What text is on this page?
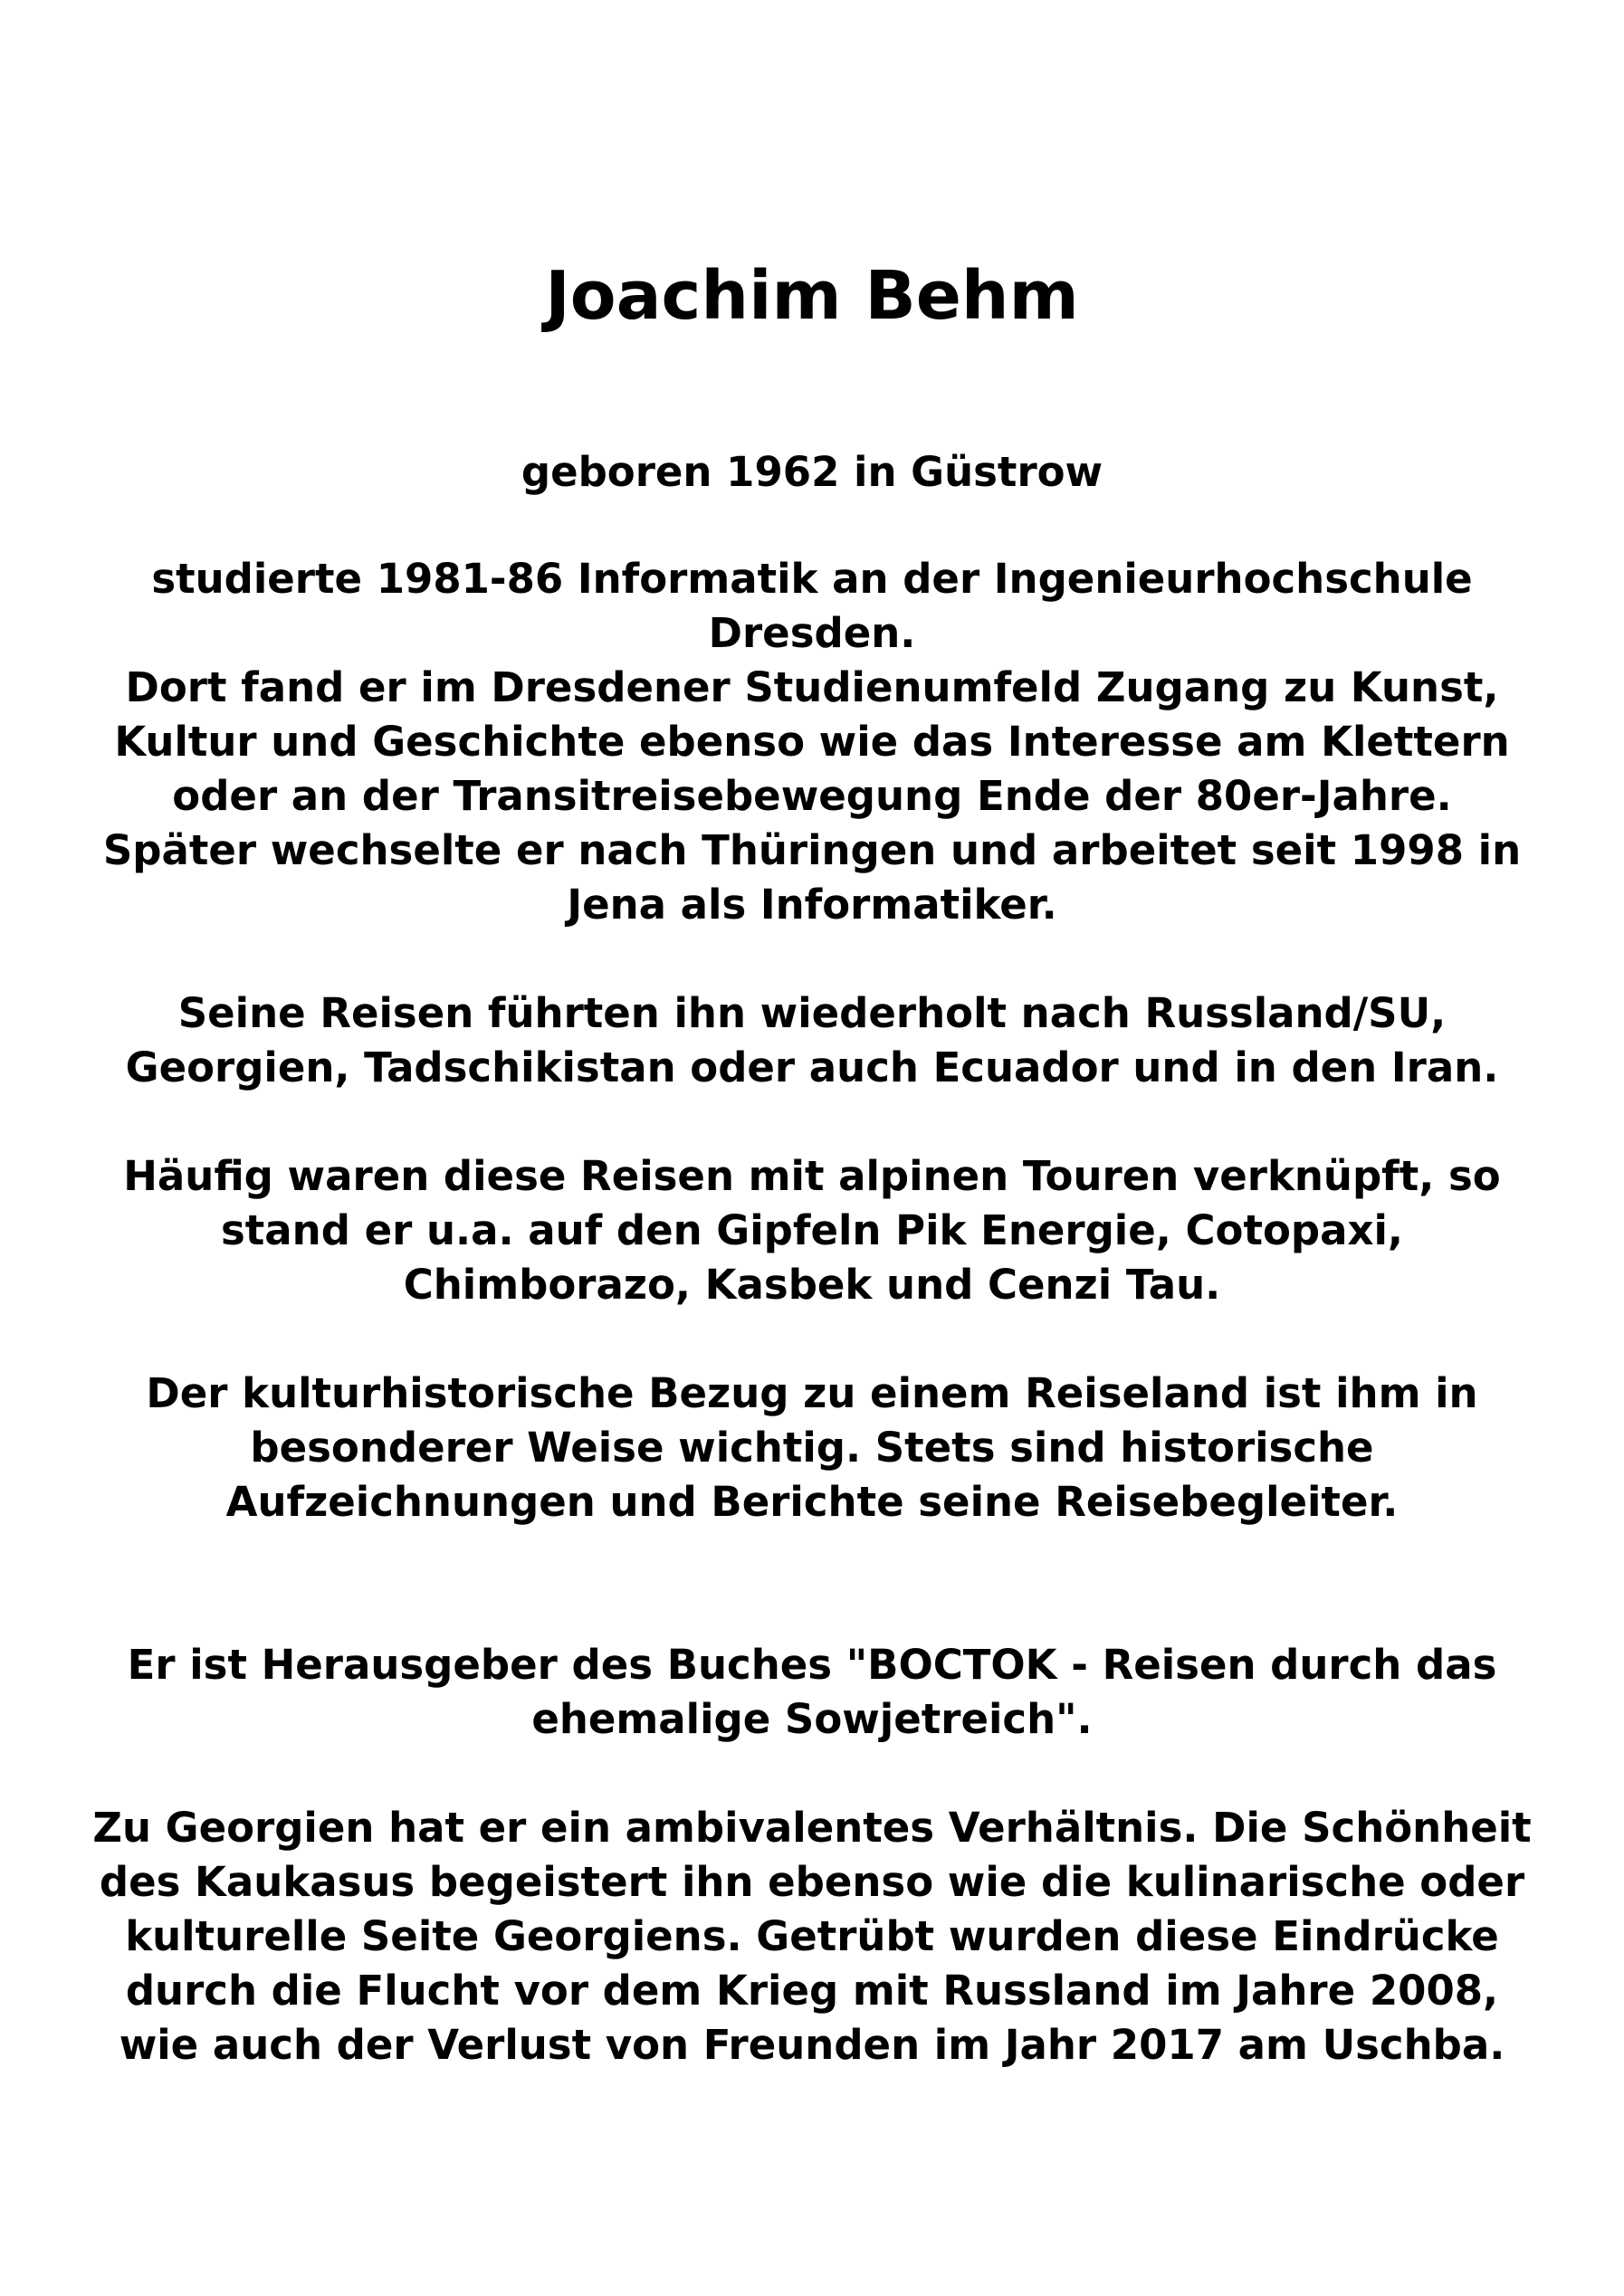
Joachim Behm

geboren 1962 in Güstrow

studierte 1981-86 Informatik an der Ingenieurhochschule
Dresden.
Dort fand er im Dresdener Studienumfeld Zugang zu Kunst,
Kultur und Geschichte ebenso wie das Interesse am Klettern
oder an der Transitreisebewegung Ende der 80er-Jahre.
Später wechselte er nach Thüringen und arbeitet seit 1998 in
Jena als Informatiker.

Seine Reisen führten ihn wiederholt nach Russland/SU,
Georgien, Tadschikistan oder auch Ecuador und in den Iran.

Häufig waren diese Reisen mit alpinen Touren verknüpft, so
stand er u.a. auf den Gipfeln Pik Energie, Cotopaxi,
Chimborazo, Kasbek und Cenzi Tau.

Der kulturhistorische Bezug zu einem Reiseland ist ihm in
besonderer Weise wichtig. Stets sind historische
Aufzeichnungen und Berichte seine Reisebegleiter.

Er ist Herausgeber des Buches "BOCTOK - Reisen durch das
ehemalige Sowjetreich".

Zu Georgien hat er ein ambivalentes Verhältnis. Die Schönheit
des Kaukasus begeistert ihn ebenso wie die kulinarische oder
kulturelle Seite Georgiens. Getrübt wurden diese Eindrücke
durch die Flucht vor dem Krieg mit Russland im Jahre 2008,
wie auch der Verlust von Freunden im Jahr 2017 am Uschba.
